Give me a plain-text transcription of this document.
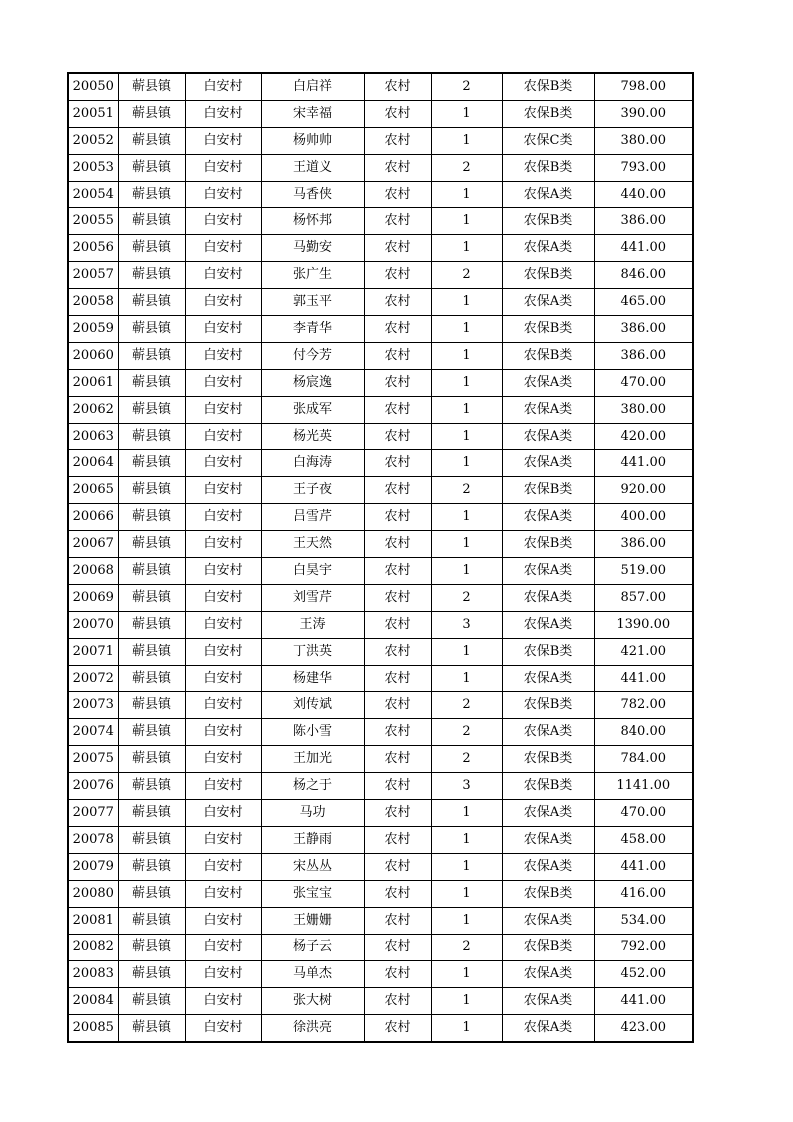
20050	蕲县镇	白安村	白启祥	农村	2	农保B类	798.00
20051	蕲县镇	白安村	宋幸福	农村	1	农保B类	390.00
20052	蕲县镇	白安村	杨帅帅	农村	1	农保C类	380.00
20053	蕲县镇	白安村	王道义	农村	2	农保B类	793.00
20054	蕲县镇	白安村	马香侠	农村	1	农保A类	440.00
20055	蕲县镇	白安村	杨怀邦	农村	1	农保B类	386.00
20056	蕲县镇	白安村	马勤安	农村	1	农保A类	441.00
20057	蕲县镇	白安村	张广生	农村	2	农保B类	846.00
20058	蕲县镇	白安村	郭玉平	农村	1	农保A类	465.00
20059	蕲县镇	白安村	李青华	农村	1	农保B类	386.00
20060	蕲县镇	白安村	付今芳	农村	1	农保B类	386.00
20061	蕲县镇	白安村	杨宸逸	农村	1	农保A类	470.00
20062	蕲县镇	白安村	张成军	农村	1	农保A类	380.00
20063	蕲县镇	白安村	杨光英	农村	1	农保A类	420.00
20064	蕲县镇	白安村	白海涛	农村	1	农保A类	441.00
20065	蕲县镇	白安村	王子夜	农村	2	农保B类	920.00
20066	蕲县镇	白安村	吕雪芹	农村	1	农保A类	400.00
20067	蕲县镇	白安村	王天然	农村	1	农保B类	386.00
20068	蕲县镇	白安村	白昊宇	农村	1	农保A类	519.00
20069	蕲县镇	白安村	刘雪芹	农村	2	农保A类	857.00
20070	蕲县镇	白安村	王涛	农村	3	农保A类	1390.00
20071	蕲县镇	白安村	丁洪英	农村	1	农保B类	421.00
20072	蕲县镇	白安村	杨建华	农村	1	农保A类	441.00
20073	蕲县镇	白安村	刘传斌	农村	2	农保B类	782.00
20074	蕲县镇	白安村	陈小雪	农村	2	农保A类	840.00
20075	蕲县镇	白安村	王加光	农村	2	农保B类	784.00
20076	蕲县镇	白安村	杨之于	农村	3	农保B类	1141.00
20077	蕲县镇	白安村	马功	农村	1	农保A类	470.00
20078	蕲县镇	白安村	王静雨	农村	1	农保A类	458.00
20079	蕲县镇	白安村	宋丛丛	农村	1	农保A类	441.00
20080	蕲县镇	白安村	张宝宝	农村	1	农保B类	416.00
20081	蕲县镇	白安村	王姗姗	农村	1	农保A类	534.00
20082	蕲县镇	白安村	杨子云	农村	2	农保B类	792.00
20083	蕲县镇	白安村	马单杰	农村	1	农保A类	452.00
20084	蕲县镇	白安村	张大树	农村	1	农保A类	441.00
20085	蕲县镇	白安村	徐洪亮	农村	1	农保A类	423.00
